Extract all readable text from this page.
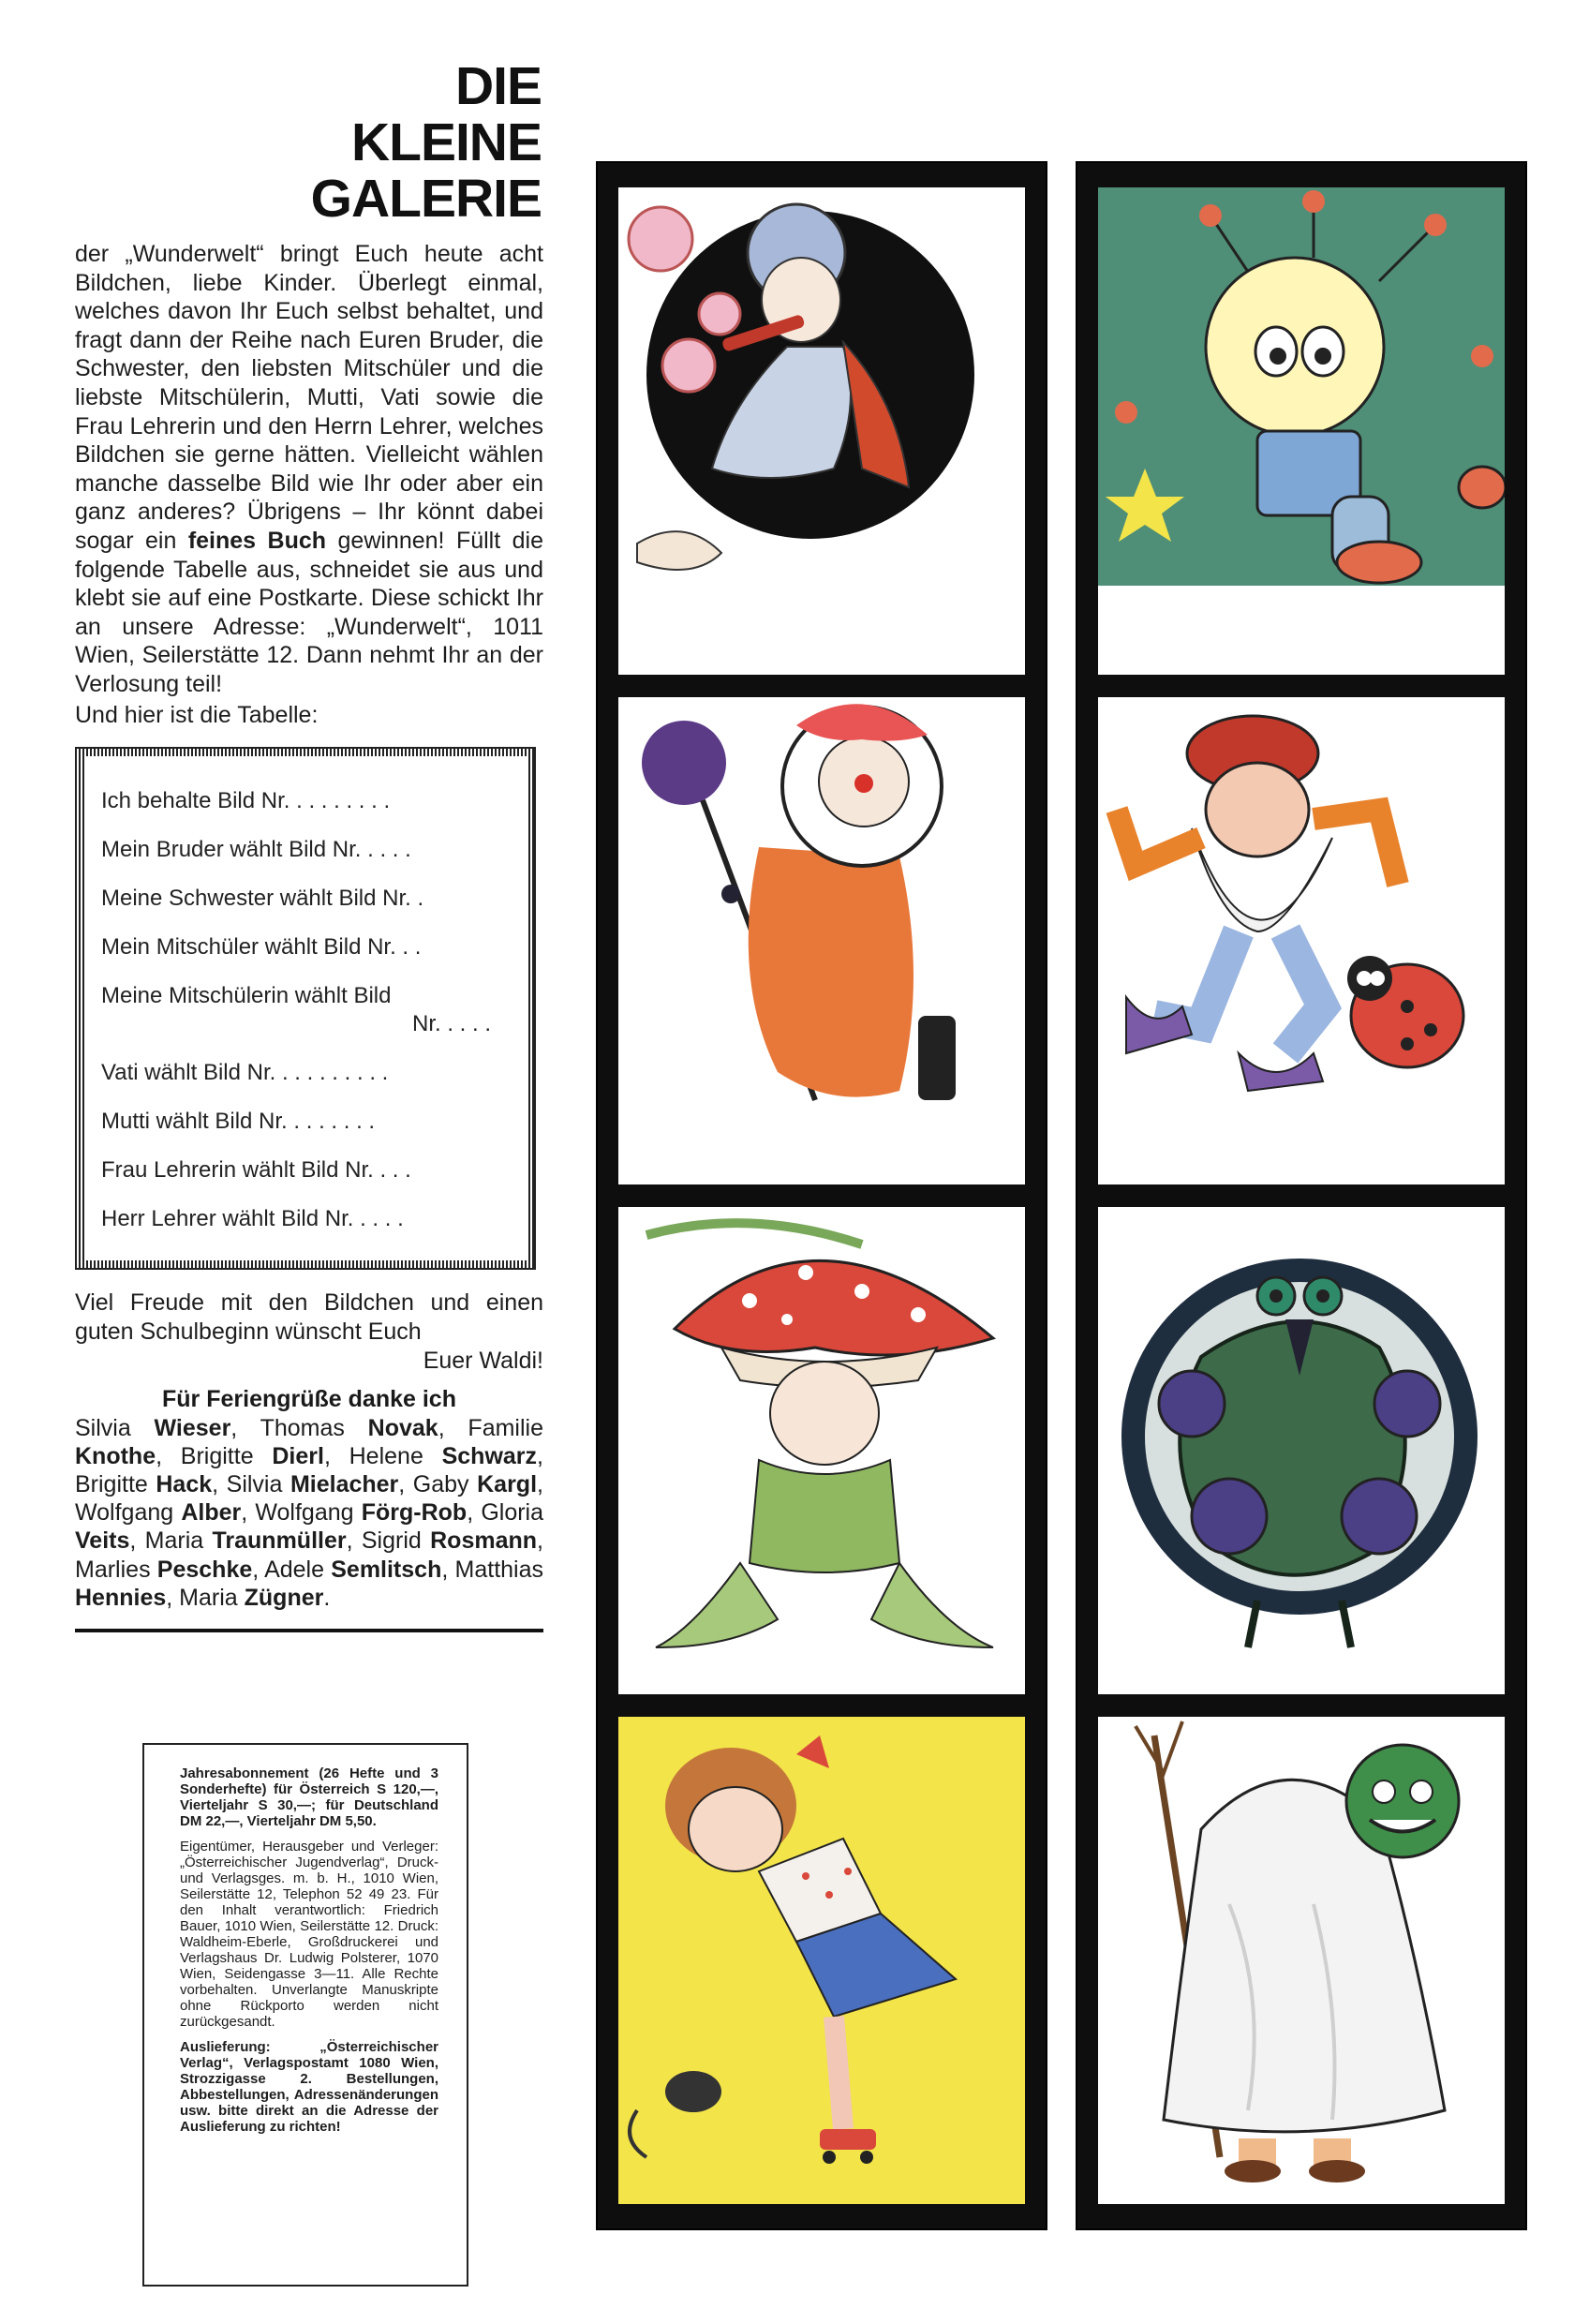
DIE
KLEINE
GALERIE
der „Wunderwelt“ bringt Euch heute acht Bildchen, liebe Kinder. Überlegt einmal, welches davon Ihr Euch selbst behaltet, und fragt dann der Reihe nach Euren Bruder, die Schwester, den liebsten Mitschüler und die liebste Mitschülerin, Mutti, Vati sowie die Frau Lehrerin und den Herrn Lehrer, welches Bildchen sie gerne hätten. Vielleicht wählen manche dasselbe Bild wie Ihr oder aber ein ganz anderes? Übrigens – Ihr könnt dabei sogar ein feines Buch gewinnen! Füllt die folgende Tabelle aus, schneidet sie aus und klebt sie auf eine Postkarte. Diese schickt Ihr an unsere Adresse: „Wunderwelt“, 1011 Wien, Seilerstätte 12. Dann nehmt Ihr an der Verlosung teil!
Und hier ist die Tabelle:
Ich behalte Bild Nr. . . . . . . . .
Mein Bruder wählt Bild Nr. . . . .
Meine Schwester wählt Bild Nr. .
Mein Mitschüler wählt Bild Nr. . .
Meine Mitschülerin wählt Bild
Nr. . . . .
Vati wählt Bild Nr. . . . . . . . . .
Mutti wählt Bild Nr. . . . . . . .
Frau Lehrerin wählt Bild Nr. . . .
Herr Lehrer wählt Bild Nr. . . . .
Viel Freude mit den Bildchen und einen guten Schulbeginn wünscht Euch
Euer Waldi!
Für Feriengrüße danke ich
Silvia Wieser, Thomas Novak, Familie Knothe, Brigitte Dierl, Helene Schwarz, Brigitte Hack, Silvia Mielacher, Gaby Kargl, Wolfgang Alber, Wolfgang Förg-Rob, Gloria Veits, Maria Traunmüller, Sigrid Rosmann, Marlies Peschke, Adele Semlitsch, Matthias Hennies, Maria Zügner.

Jahresabonnement (26 Hefte und 3 Sonderhefte) für Österreich S 120,—, Vierteljahr S 30,—; für Deutschland DM 22,—, Vierteljahr DM 5,50.

Eigentümer, Herausgeber und Verleger: „Österreichischer Jugendverlag“, Druck- und Verlagsges. m. b. H., 1010 Wien, Seilerstätte 12, Telephon 52 49 23. Für den Inhalt verantwortlich: Friedrich Bauer, 1010 Wien, Seilerstätte 12. Druck: Waldheim-Eberle, Großdruckerei und Verlagshaus Dr. Ludwig Polsterer, 1070 Wien, Seidengasse 3—11. Alle Rechte vorbehalten. Unverlangte Manuskripte ohne Rückporto werden nicht zurückgesandt.

Auslieferung: „Österreichischer Verlag“, Verlagspostamt 1080 Wien, Strozzigasse 2. Bestellungen, Abbestellungen, Adressenänderungen usw. bitte direkt an die Adresse der Auslieferung zu richten!
